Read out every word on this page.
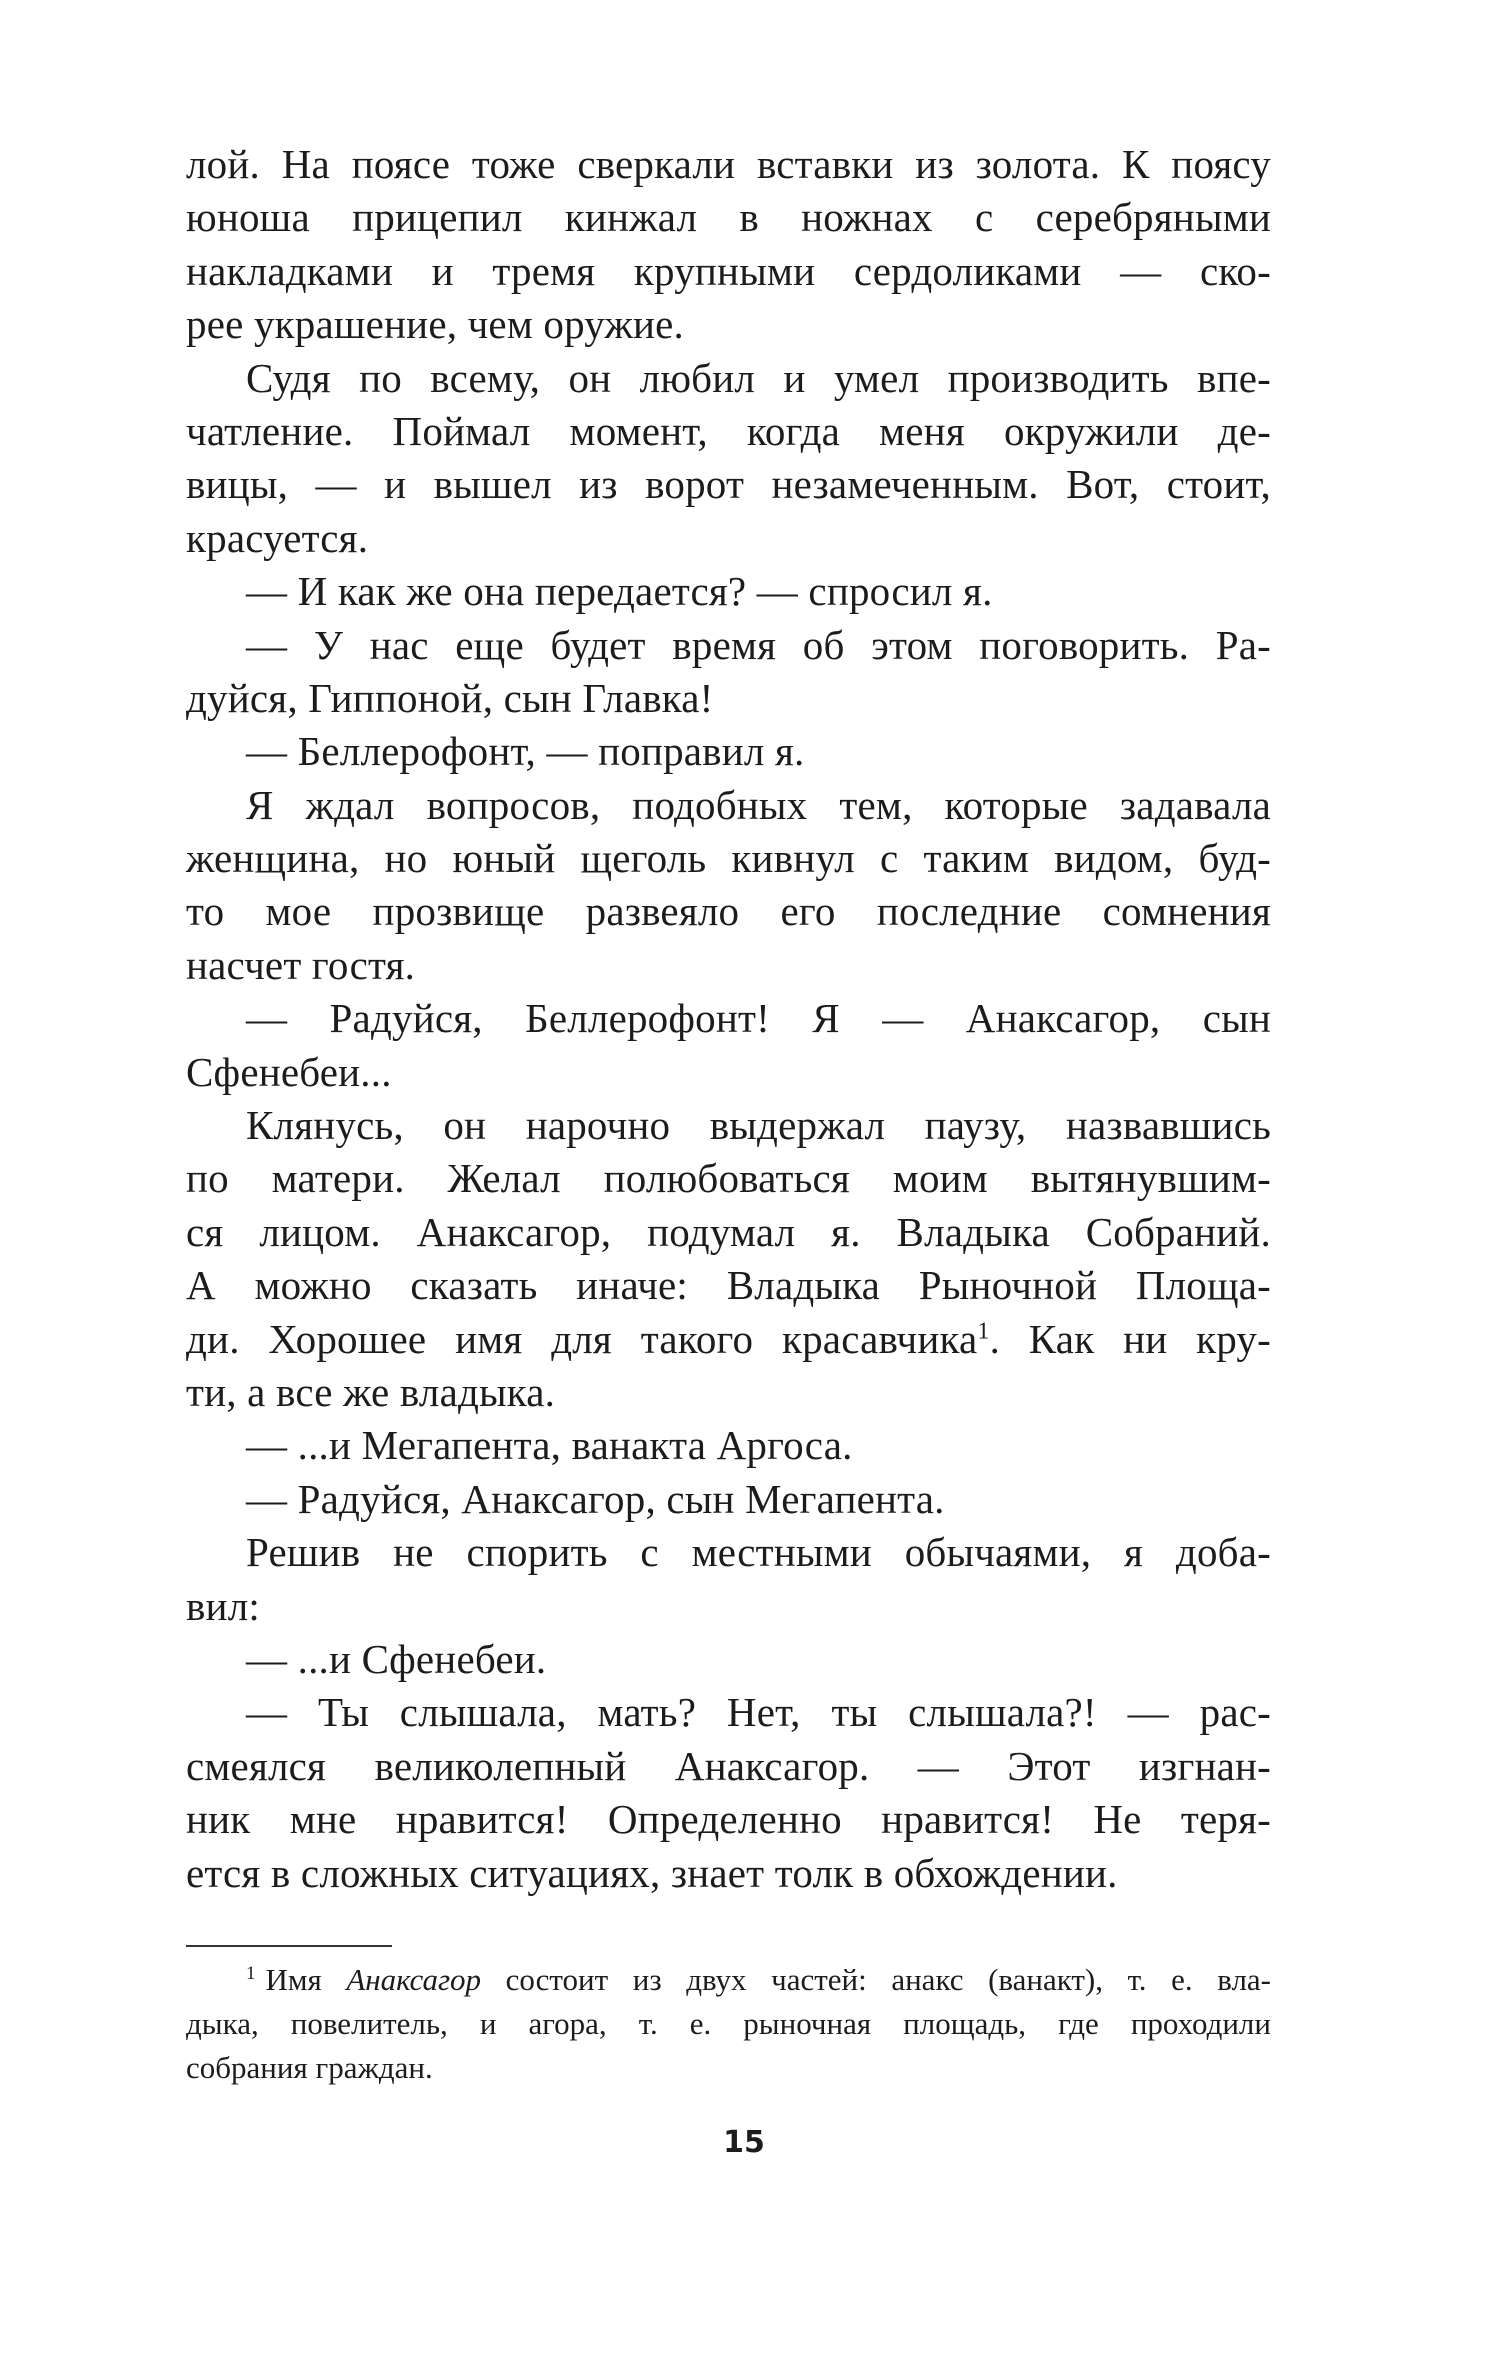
лой. На поясе тоже сверкали вставки из золота. К поясу
юноша прицепил кинжал в ножнах с серебряными
накладками и тремя крупными сердоликами — ско-
рее украшение, чем оружие.
Судя по всему, он любил и умел производить впе-
чатление. Поймал момент, когда меня окружили де-
вицы, — и вышел из ворот незамеченным. Вот, стоит,
красуется.
— И как же она передается? — спросил я.
— У нас еще будет время об этом поговорить. Ра-
дуйся, Гиппоной, сын Главка!
— Беллерофонт, — поправил я.
Я ждал вопросов, подобных тем, которые задавала
женщина, но юный щеголь кивнул с таким видом, буд-
то мое прозвище развеяло его последние сомнения
насчет гостя.
— Радуйся, Беллерофонт! Я — Анаксагор, сын
Сфенебеи...
Клянусь, он нарочно выдержал паузу, назвавшись
по матери. Желал полюбоваться моим вытянувшим-
ся лицом. Анаксагор, подумал я. Владыка Собраний.
А можно сказать иначе: Владыка Рыночной Площа-
ди. Хорошее имя для такого красавчика$^1$. Как ни кру-
ти, а все же владыка.
— ...и Мегапента, ванакта Аргоса.
— Радуйся, Анаксагор, сын Мегапента.
Решив не спорить с местными обычаями, я доба-
вил:
— ...и Сфенебеи.
— Ты слышала, мать? Нет, ты слышала?! — рас-
смеялся великолепный Анаксагор. — Этот изгнан-
ник мне нравится! Определенно нравится! Не теря-
ется в сложных ситуациях, знает толк в обхождении.
$^1$ Имя Анаксагор состоит из двух частей: анакс (ванакт), т. е. вла-
дыка, повелитель, и агора, т. е. рыночная площадь, где проходили
собрания граждан.
15
